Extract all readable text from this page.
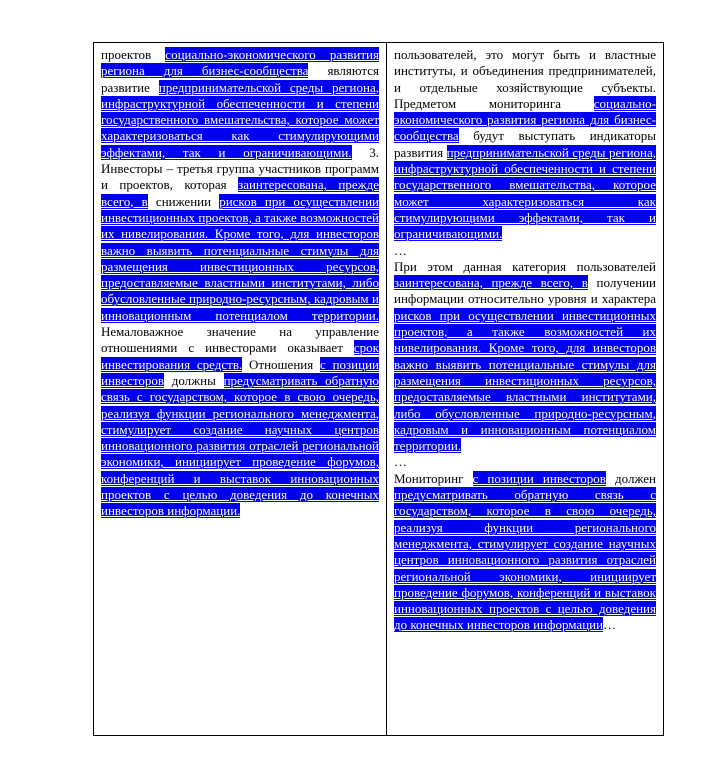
проектов социально-экономического развития региона для бизнес-сообщества являются развитие предпринимательской среды региона, инфраструктурной обеспеченности и степени государственного вмешательства, которое может характеризоваться как стимулирующими эффектами, так и ограничивающими. 3. Инвесторы – третья группа участников программ и проектов, которая заинтересована, прежде всего, в снижении рисков при осуществлении инвестиционных проектов, а также возможностей их нивелирования. Кроме того, для инвесторов важно выявить потенциальные стимулы для размещения инвестиционных ресурсов, предоставляемые властными институтами, либо обусловленные природно-ресурсным, кадровым и инновационным потенциалом территории. Немаловажное значение на управление отношениями с инвесторами оказывает срок инвестирования средств. Отношения с позиции инвесторов должны предусматривать обратную связь с государством, которое в свою очередь, реализуя функции регионального менеджмента, стимулирует создание научных центров инновационного развития отраслей региональной экономики, инициирует проведение форумов, конференций и выставок инновационных проектов с целью доведения до конечных инвесторов информации.

пользователей, это могут быть и властные институты, и объединения предпринимателей, и отдельные хозяйствующие субъекты. Предметом мониторинга социально-экономического развития региона для бизнес-сообщества будут выступать индикаторы развития предпринимательской среды региона, инфраструктурной обеспеченности и степени государственного вмешательства, которое может характеризоваться как стимулирующими эффектами, так и ограничивающими.

…

При этом данная категория пользователей заинтересована, прежде всего, в получении информации относительно уровня и характера рисков при осуществлении инвестиционных проектов, а также возможностей их нивелирования. Кроме того, для инвесторов важно выявить потенциальные стимулы для размещения инвестиционных ресурсов, предоставляемые властными институтами, либо обусловленные природно-ресурсным, кадровым и инновационным потенциалом территории.

…

Мониторинг с позиции инвесторов должен предусматривать обратную связь с государством, которое в свою очередь, реализуя функции регионального менеджмента, стимулирует создание научных центров инновационного развития отраслей региональной экономики, инициирует проведение форумов, конференций и выставок инновационных проектов с целью доведения до конечных инвесторов информации…
